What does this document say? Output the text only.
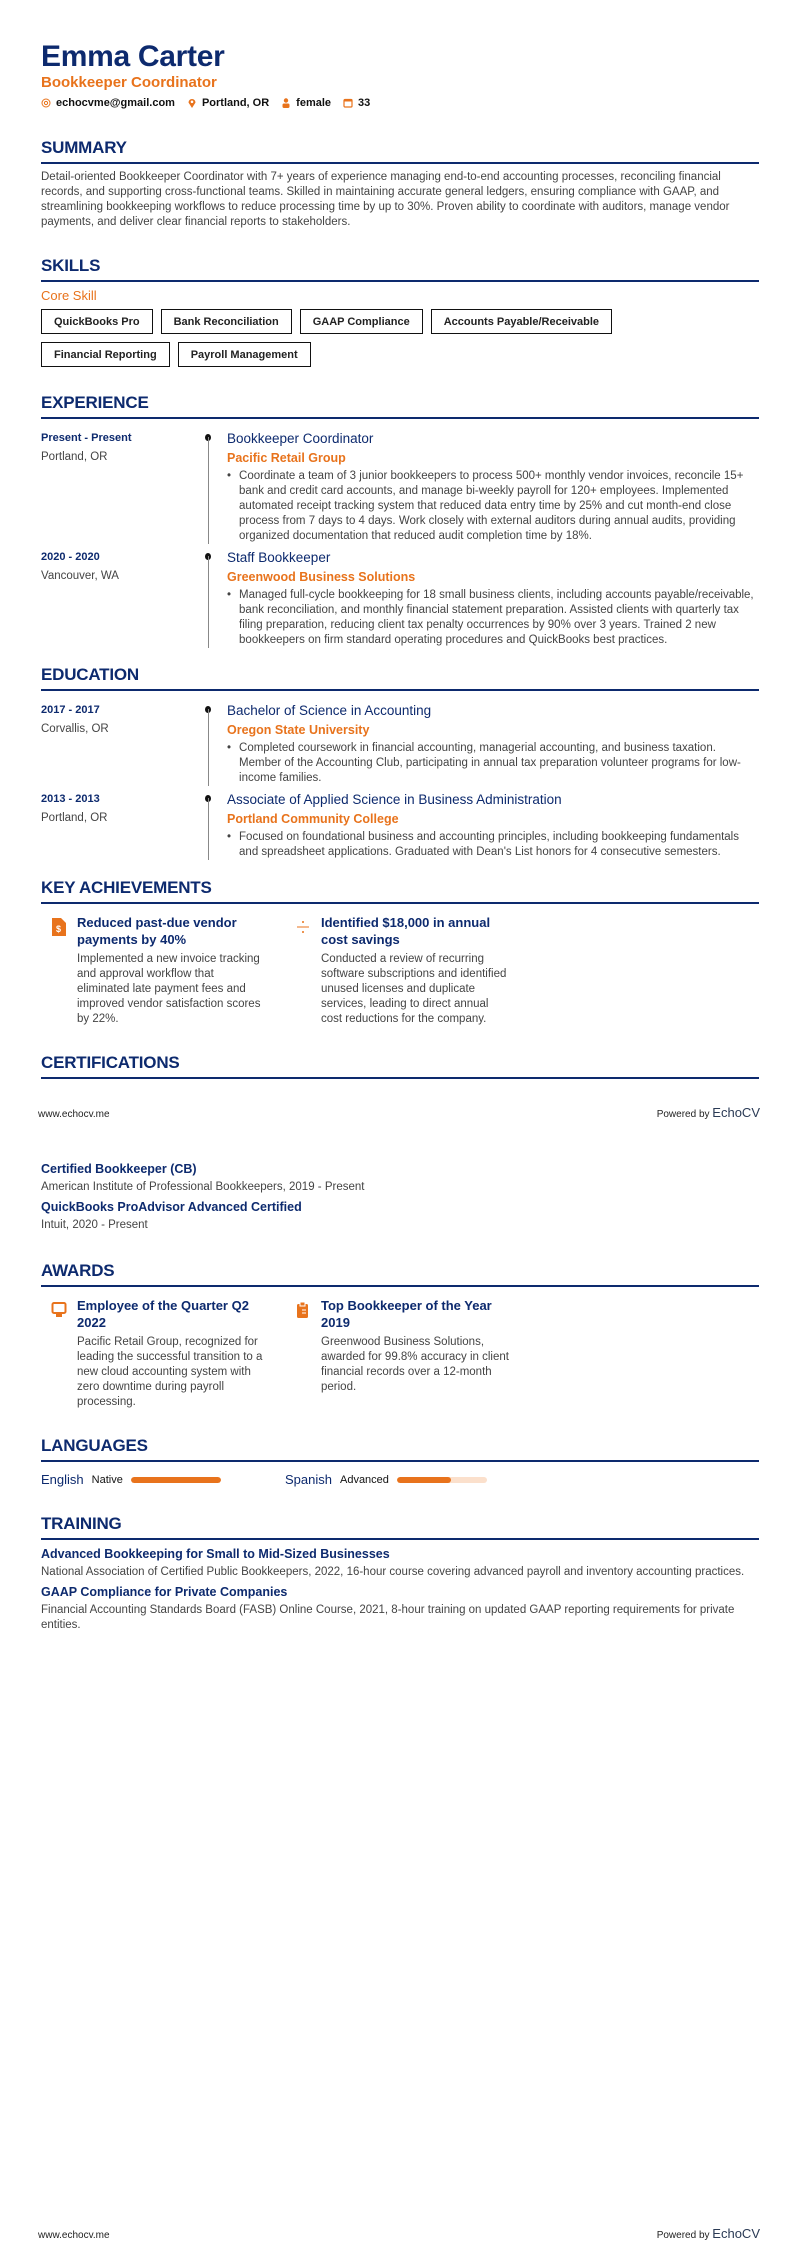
Emma Carter
Bookkeeper Coordinator
echocvme@gmail.com Portland, OR female 33
SUMMARY

Detail-oriented Bookkeeper Coordinator with 7+ years of experience managing end-to-end accounting processes, reconciling financial records, and supporting cross-functional teams. Skilled in maintaining accurate general ledgers, ensuring compliance with GAAP, and streamlining bookkeeping workflows to reduce processing time by up to 30%. Proven ability to coordinate with auditors, manage vendor payments, and deliver clear financial reports to stakeholders.

SKILLS
Core Skill
QuickBooks Pro	Bank Reconciliation	GAAP Compliance	Accounts Payable/Receivable
Financial Reporting	Payroll Management
EXPERIENCE
Present - Present
Portland, OR
Bookkeeper Coordinator
Pacific Retail Group
• Coordinate a team of 3 junior bookkeepers to process 500+ monthly vendor invoices, reconcile 15+ bank and credit card accounts, and manage bi-weekly payroll for 120+ employees. Implemented automated receipt tracking system that reduced data entry time by 25% and cut month-end close process from 7 days to 4 days. Work closely with external auditors during annual audits, providing organized documentation that reduced audit completion time by 18%.
2020 - 2020
Vancouver, WA
Staff Bookkeeper
Greenwood Business Solutions
• Managed full-cycle bookkeeping for 18 small business clients, including accounts payable/receivable, bank reconciliation, and monthly financial statement preparation. Assisted clients with quarterly tax filing preparation, reducing client tax penalty occurrences by 90% over 3 years. Trained 2 new bookkeepers on firm standard operating procedures and QuickBooks best practices.
EDUCATION
2017 - 2017
Corvallis, OR
Bachelor of Science in Accounting
Oregon State University
• Completed coursework in financial accounting, managerial accounting, and business taxation. Member of the Accounting Club, participating in annual tax preparation volunteer programs for low-income families.
2013 - 2013
Portland, OR
Associate of Applied Science in Business Administration
Portland Community College
• Focused on foundational business and accounting principles, including bookkeeping fundamentals and spreadsheet applications. Graduated with Dean's List honors for 4 consecutive semesters.
KEY ACHIEVEMENTS
$ Reduced past-due vendor payments by 40%
Implemented a new invoice tracking and approval workflow that eliminated late payment fees and improved vendor satisfaction scores by 22%.
Identified $18,000 in annual cost savings
Conducted a review of recurring software subscriptions and identified unused licenses and duplicate services, leading to direct annual cost reductions for the company.
CERTIFICATIONS
www.echocv.me	Powered by EchoCV
Certified Bookkeeper (CB)
American Institute of Professional Bookkeepers, 2019 - Present
QuickBooks ProAdvisor Advanced Certified
Intuit, 2020 - Present
AWARDS
Employee of the Quarter Q2 2022
Pacific Retail Group, recognized for leading the successful transition to a new cloud accounting system with zero downtime during payroll processing.
Top Bookkeeper of the Year 2019
Greenwood Business Solutions, awarded for 99.8% accuracy in client financial records over a 12-month period.
LANGUAGES
English Native	Spanish Advanced
TRAINING
Advanced Bookkeeping for Small to Mid-Sized Businesses
National Association of Certified Public Bookkeepers, 2022, 16-hour course covering advanced payroll and inventory accounting practices.
GAAP Compliance for Private Companies
Financial Accounting Standards Board (FASB) Online Course, 2021, 8-hour training on updated GAAP reporting requirements for private entities.
www.echocv.me	Powered by EchoCV
